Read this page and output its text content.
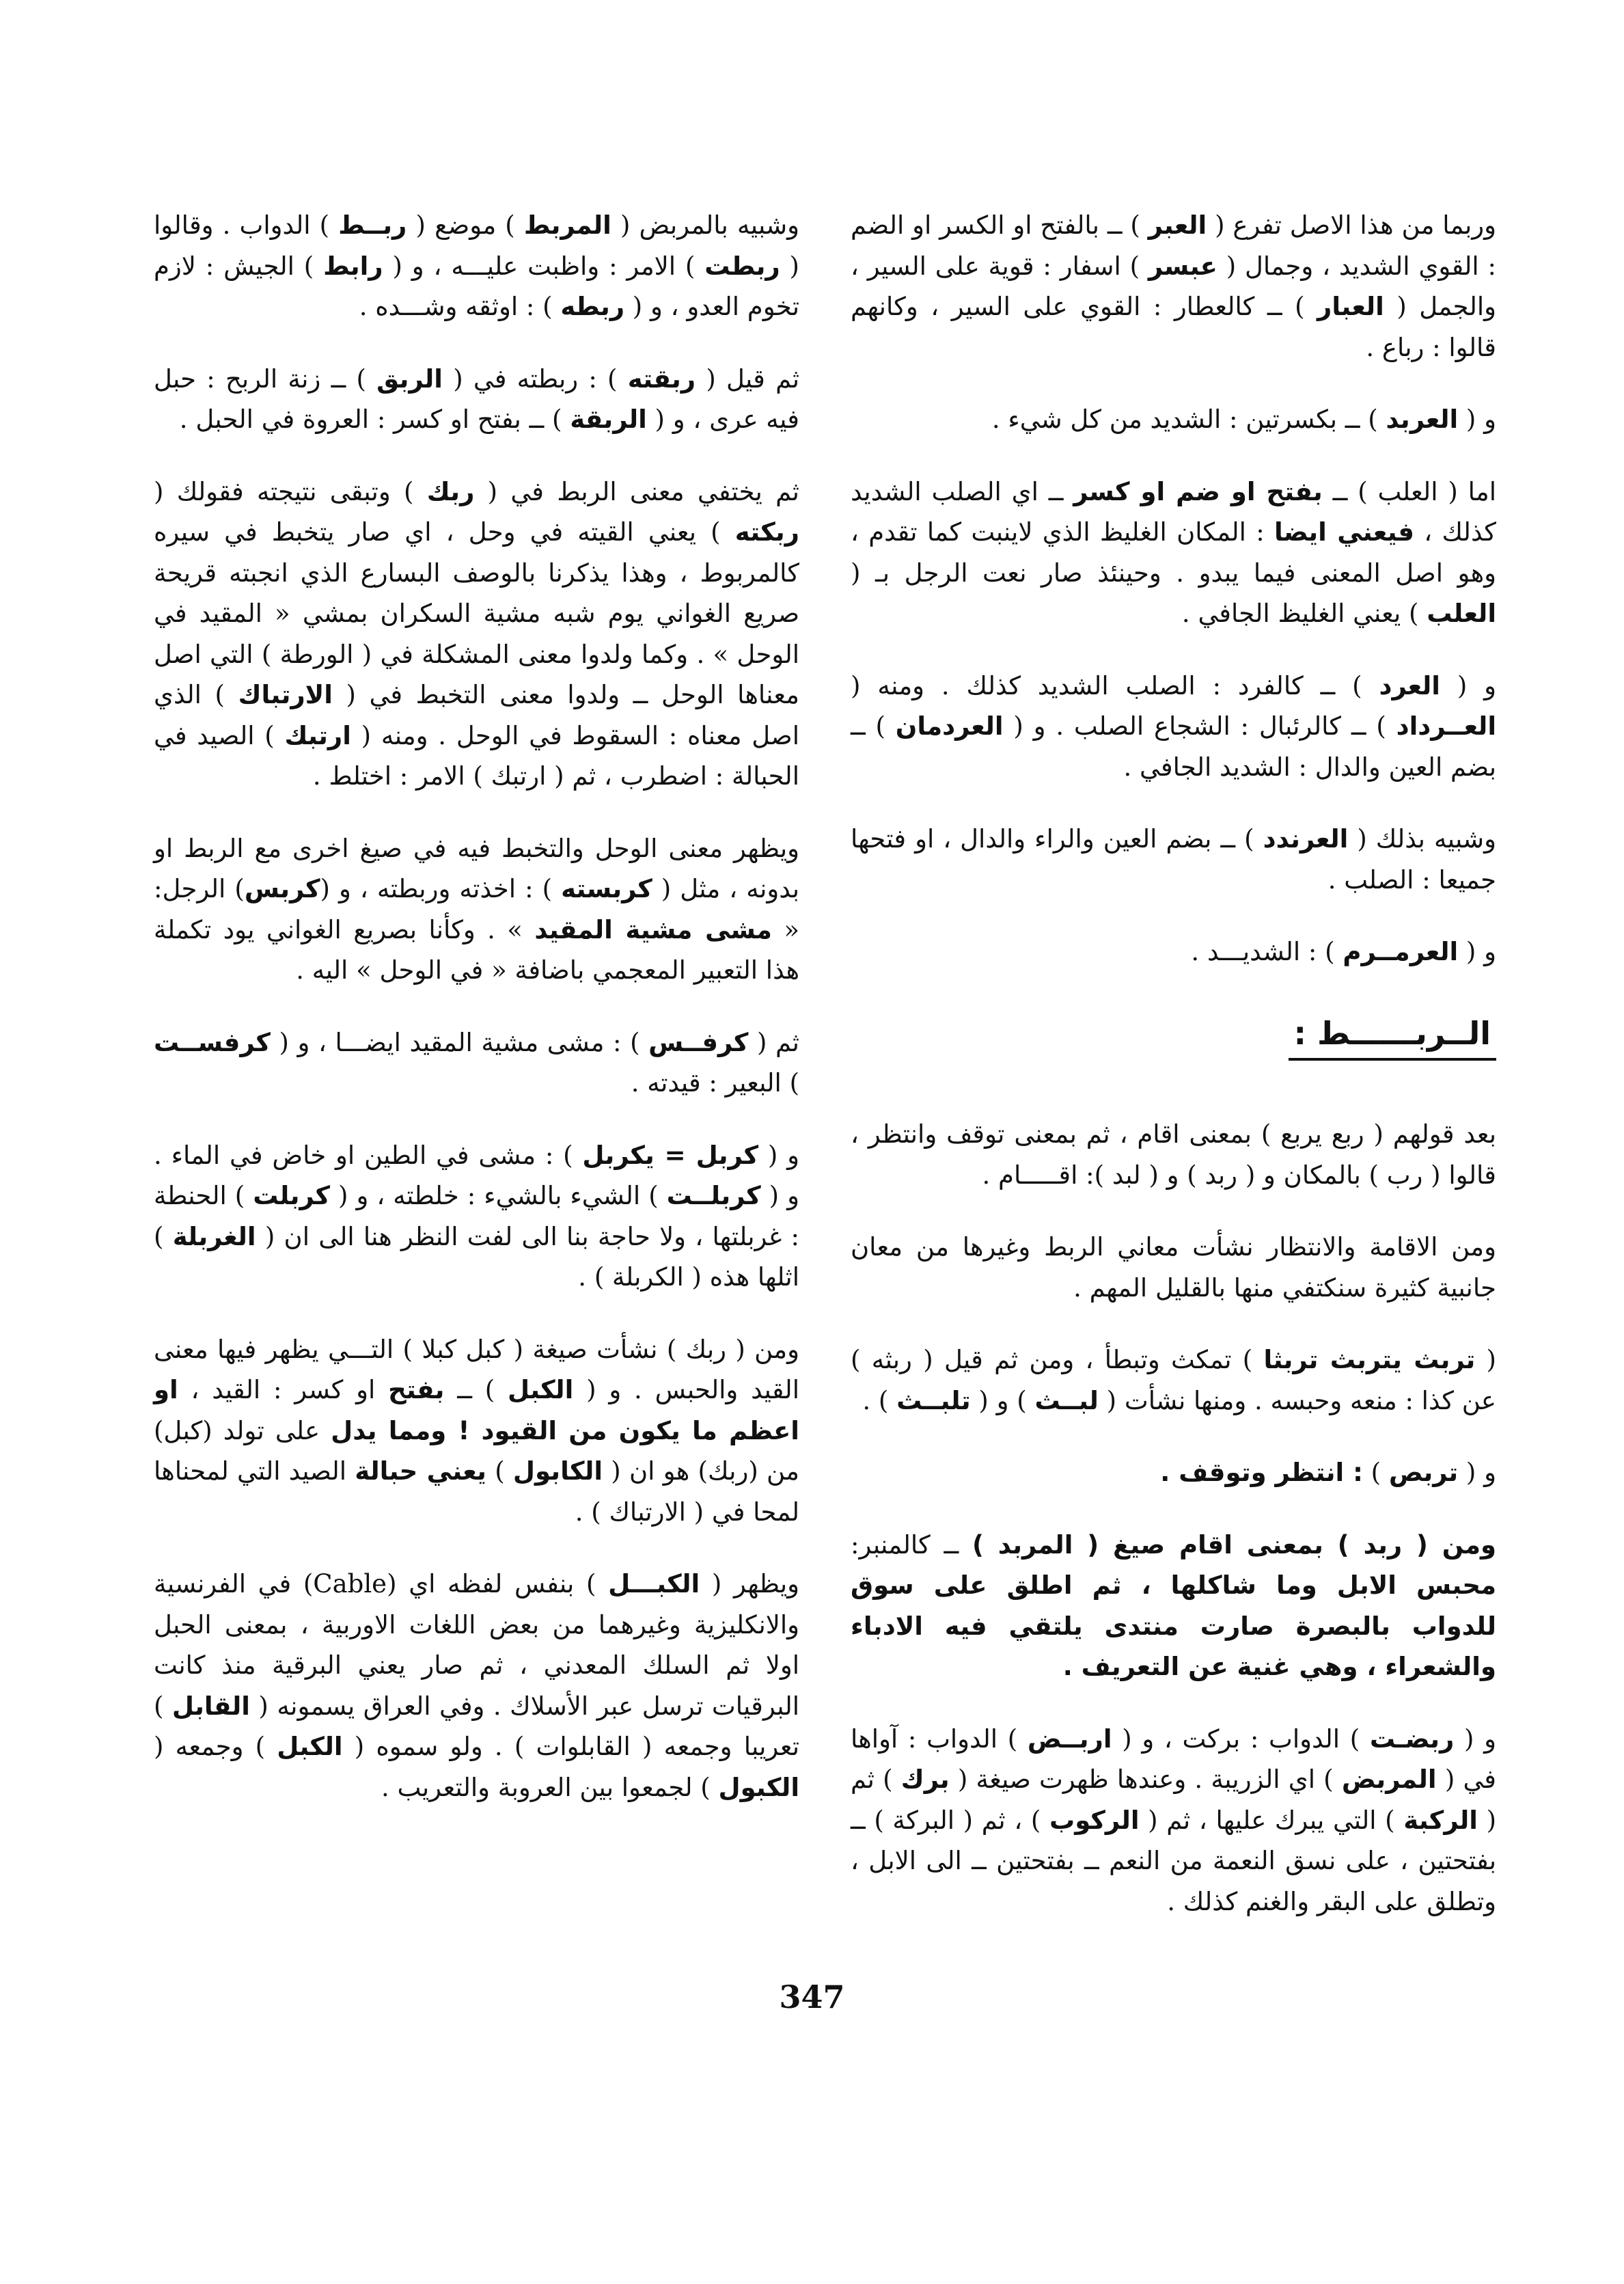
وربما من هذا الاصل تفرع ( العبر ) ــ بالفتح او الكسر او الضم : القوي الشديد ، وجمال ( عبسر ) اسفار : قوية على السير ، والجمل ( العبار ) ــ كالعطار : القوي على السير ، وكانهم قالوا : رباع .

و ( العربد ) ــ بكسرتين : الشديد من كل شيء .

اما ( العلب ) ــ بفتح او ضم او كسر ــ اي الصلب الشديد كذلك ، فيعني ايضا : المكان الغليظ الذي لاينبت كما تقدم ، وهو اصل المعنى فيما يبدو . وحينئذ صار نعت الرجل بـ ( العلب ) يعني الغليظ الجافي .

و ( العرد ) ــ كالفرد : الصلب الشديد كذلك . ومنه ( العــرداد ) ــ كالرئبال : الشجاع الصلب . و ( العردمان ) ــ بضم العين والدال : الشديد الجافي .

وشبيه بذلك ( العرندد ) ــ بضم العين والراء والدال ، او فتحها جميعا : الصلب .

و ( العرمــرم ) : الشديـــد .

الــربــــــط :

بعد قولهم ( ربع يربع ) بمعنى اقام ، ثم بمعنى توقف وانتظر ، قالوا ( رب ) بالمكان و ( ربد ) و ( لبد ): اقـــــام .

ومن الاقامة والانتظار نشأت معاني الربط وغيرها من معان جانبية كثيرة سنكتفي منها بالقليل المهم .

( تربث يتربث تربثا ) تمكث وتبطأ ، ومن ثم قيل ( ربثه ) عن كذا : منعه وحبسه . ومنها نشأت ( لبــث ) و ( تلبــث ) .

و ( تربص ) : انتظر وتوقف .

ومن ( ربد ) بمعنى اقام صيغ ( المربد ) ــ كالمنبر: محبس الابل وما شاكلها ، ثم اطلق على سوق للدواب بالبصرة صارت منتدى يلتقي فيه الادباء والشعراء ، وهي غنية عن التعريف .

و ( ربضـت ) الدواب : بركت ، و ( اربــض ) الدواب : آواها في ( المربض ) اي الزريبة . وعندها ظهرت صيغة ( برك ) ثم ( الركبة ) التي يبرك عليها ، ثم ( الركوب ) ، ثم ( البركة ) ــ بفتحتين ، على نسق النعمة من النعم ــ بفتحتين ــ الى الابل ، وتطلق على البقر والغنم كذلك .

وشبيه بالمربض ( المربط ) موضع ( ربــط ) الدواب . وقالوا ( ربطت ) الامر : واظبت عليـــه ، و ( رابط ) الجيش : لازم تخوم العدو ، و ( ربطه ) : اوثقه وشـــده .

ثم قيل ( ربقته ) : ربطته في ( الربق ) ــ زنة الربح : حبل فيه عرى ، و ( الربقة ) ــ بفتح او كسر : العروة في الحبل .

ثم يختفي معنى الربط في ( ربك ) وتبقى نتيجته فقولك ( ربكته ) يعني القيته في وحل ، اي صار يتخبط في سيره كالمربوط ، وهذا يذكرنا بالوصف البسارع الذي انجبته قريحة صريع الغواني يوم شبه مشية السكران بمشي « المقيد في الوحل » . وكما ولدوا معنى المشكلة في ( الورطة ) التي اصل معناها الوحل ــ ولدوا معنى التخبط في ( الارتباك ) الذي اصل معناه : السقوط في الوحل . ومنه ( ارتبك ) الصيد في الحبالة : اضطرب ، ثم ( ارتبك ) الامر : اختلط .

ويظهر معنى الوحل والتخبط فيه في صيغ اخرى مع الربط او بدونه ، مثل ( كربسته ) : اخذته وربطته ، و (كربس) الرجل: « مشى مشية المقيد » . وكأنا بصريع الغواني يود تكملة هذا التعبير المعجمي باضافة « في الوحل » اليه .

ثم ( كرفــس ) : مشى مشية المقيد ايضـــا ، و ( كرفســت ) البعير : قيدته .

و ( كربل = يكربل ) : مشى في الطين او خاض في الماء . و ( كربلــت ) الشيء بالشيء : خلطته ، و ( كربلت ) الحنطة : غربلتها ، ولا حاجة بنا الى لفت النظر هنا الى ان ( الغربلة ) اثلها هذه ( الكربلة ) .

ومن ( ربك ) نشأت صيغة ( كبل كبلا ) التـــي يظهر فيها معنى القيد والحبس . و ( الكبل ) ــ بفتح او كسر : القيد ، او اعظم ما يكون من القيود ! ومما يدل على تولد (كبل) من (ربك) هو ان ( الكابول ) يعني حبالة الصيد التي لمحناها لمحا في ( الارتباك ) .

ويظهر ( الكبـــل ) بنفس لفظه اي (Cable) في الفرنسية والانكليزية وغيرهما من بعض اللغات الاوربية ، بمعنى الحبل اولا ثم السلك المعدني ، ثم صار يعني البرقية منذ كانت البرقيات ترسل عبر الأسلاك . وفي العراق يسمونه ( القابل ) تعريبا وجمعه ( القابلوات ) . ولو سموه ( الكبل ) وجمعه ( الكبول ) لجمعوا بين العروبة والتعريب .

347
